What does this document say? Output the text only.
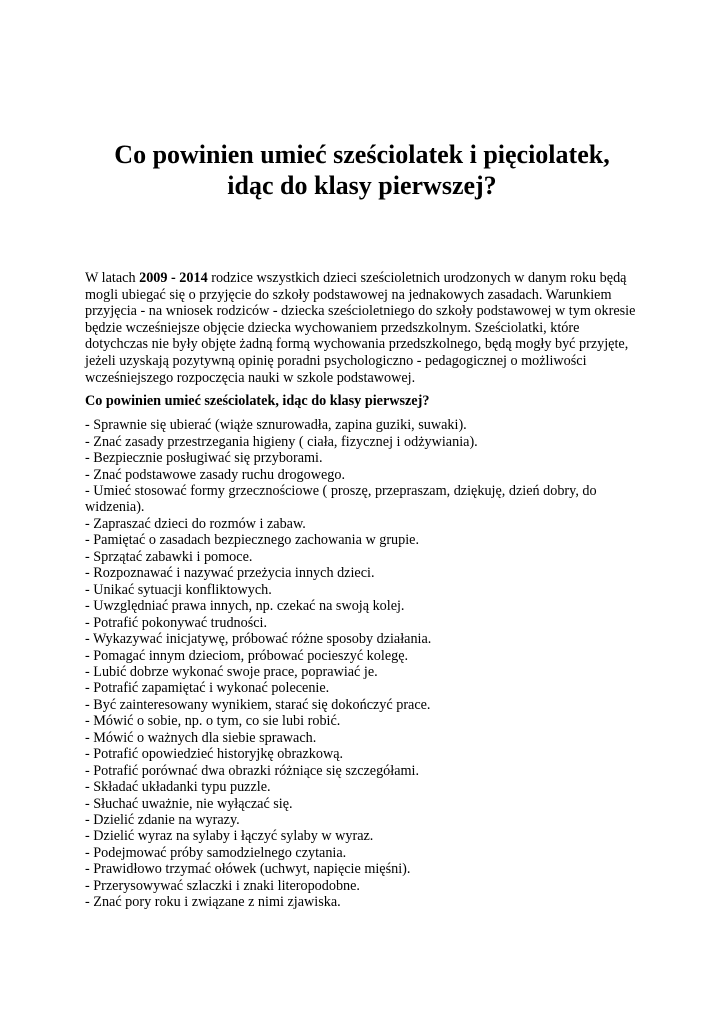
Co powinien umieć sześciolatek i pięciolatek,
idąc do klasy pierwszej?

W latach 2009 - 2014 rodzice wszystkich dzieci sześcioletnich urodzonych w danym roku będą mogli ubiegać się o przyjęcie do szkoły podstawowej na jednakowych zasadach. Warunkiem przyjęcia - na wniosek rodziców - dziecka sześcioletniego do szkoły podstawowej w tym okresie będzie wcześniejsze objęcie dziecka wychowaniem przedszkolnym. Sześciolatki, które dotychczas nie były objęte żadną formą wychowania przedszkolnego, będą mogły być przyjęte, jeżeli uzyskają pozytywną opinię poradni psychologiczno - pedagogicznej o możliwości wcześniejszego rozpoczęcia nauki w szkole podstawowej.

Co powinien umieć sześciolatek, idąc do klasy pierwszej?

- Sprawnie się ubierać (wiąże sznurowadła, zapina guziki, suwaki).
- Znać zasady przestrzegania higieny ( ciała, fizycznej i odżywiania).
- Bezpiecznie posługiwać się przyborami.
- Znać podstawowe zasady ruchu drogowego.
- Umieć stosować formy grzecznościowe ( proszę, przepraszam, dziękuję, dzień dobry, do widzenia).
- Zapraszać dzieci do rozmów i zabaw.
- Pamiętać o zasadach bezpiecznego zachowania w grupie.
- Sprzątać zabawki i pomoce.
- Rozpoznawać i nazywać przeżycia innych dzieci.
- Unikać sytuacji konfliktowych.
- Uwzględniać prawa innych, np. czekać na swoją kolej.
- Potrafić pokonywać trudności.
- Wykazywać inicjatywę, próbować różne sposoby działania.
- Pomagać innym dzieciom, próbować pocieszyć kolegę.
- Lubić dobrze wykonać swoje prace, poprawiać je.
- Potrafić zapamiętać i wykonać polecenie.
- Być zainteresowany wynikiem, starać się dokończyć prace.
- Mówić o sobie, np. o tym, co sie lubi robić.
- Mówić o ważnych dla siebie sprawach.
- Potrafić opowiedzieć historyjkę obrazkową.
- Potrafić porównać dwa obrazki różniące się szczegółami.
- Składać układanki typu puzzle.
- Słuchać uważnie, nie wyłączać się.
- Dzielić zdanie na wyrazy.
- Dzielić wyraz na sylaby i łączyć sylaby w wyraz.
- Podejmować próby samodzielnego czytania.
- Prawidłowo trzymać ołówek (uchwyt, napięcie mięśni).
- Przerysowywać szlaczki i znaki literopodobne.
- Znać pory roku i związane z nimi zjawiska.
